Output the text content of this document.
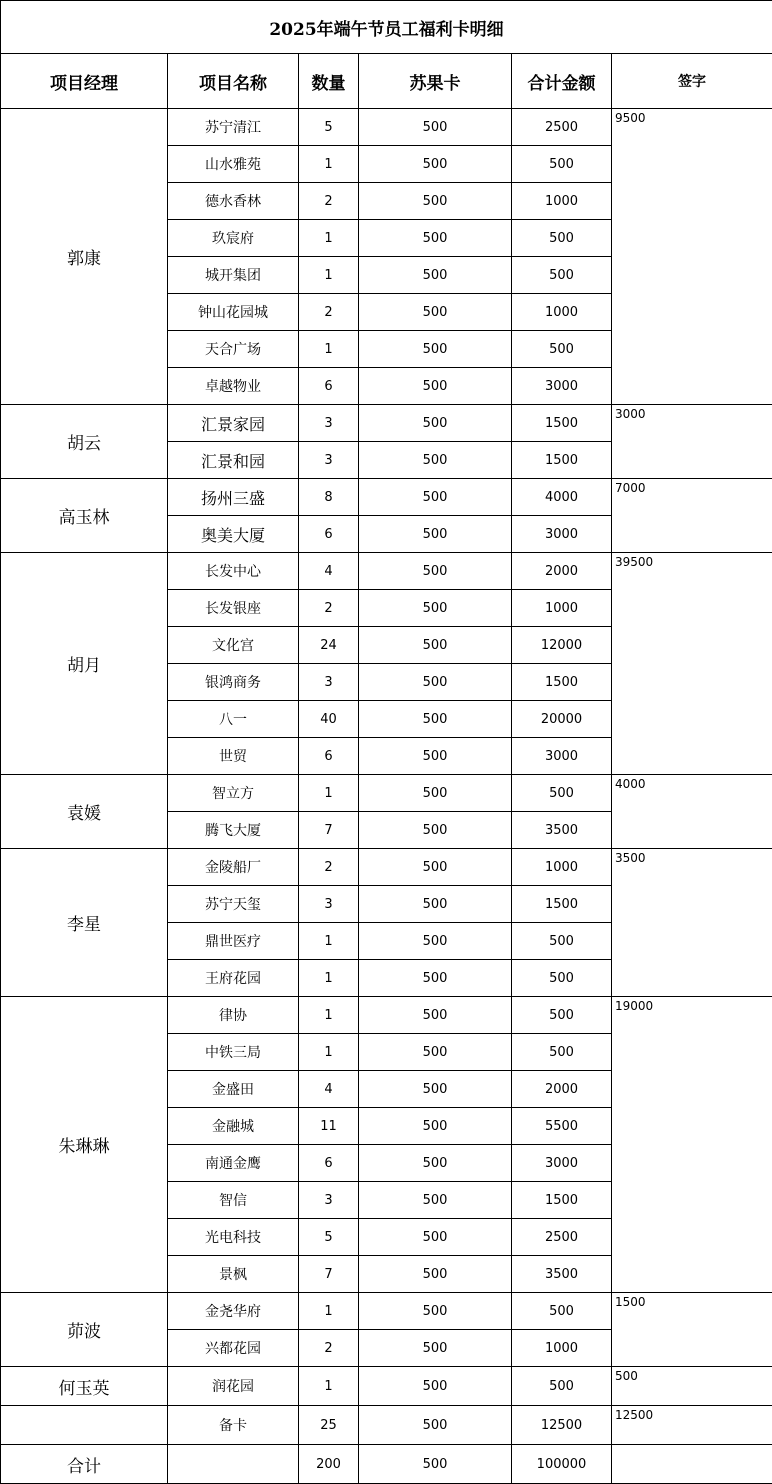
2025年端午节员工福利卡明细					
项目经理	项目名称	数量	苏果卡	合计金额	签字
郭康	苏宁清江	5	500	2500	9500
	山水雅苑	1	500	500	
	德水香林	2	500	1000	
	玖宸府	1	500	500	
	城开集团	1	500	500	
	钟山花园城	2	500	1000	
	天合广场	1	500	500	
	卓越物业	6	500	3000	
胡云	汇景家园	3	500	1500	3000
	汇景和园	3	500	1500	
高玉林	扬州三盛	8	500	4000	7000
	奥美大厦	6	500	3000	
胡月	长发中心	4	500	2000	39500
	长发银座	2	500	1000	
	文化宫	24	500	12000	
	银鸿商务	3	500	1500	
	八一	40	500	20000	
	世贸	6	500	3000	
袁媛	智立方	1	500	500	4000
	腾飞大厦	7	500	3500	
李星	金陵船厂	2	500	1000	3500
	苏宁天玺	3	500	1500	
	鼎世医疗	1	500	500	
	王府花园	1	500	500	
朱琳琳	律协	1	500	500	19000
	中铁三局	1	500	500	
	金盛田	4	500	2000	
	金融城	11	500	5500	
	南通金鹰	6	500	3000	
	智信	3	500	1500	
	光电科技	5	500	2500	
	景枫	7	500	3500	
茆波	金尧华府	1	500	500	1500
	兴都花园	2	500	1000	
何玉英	润花园	1	500	500	500
	备卡	25	500	12500	12500
合计		200	500	100000	
